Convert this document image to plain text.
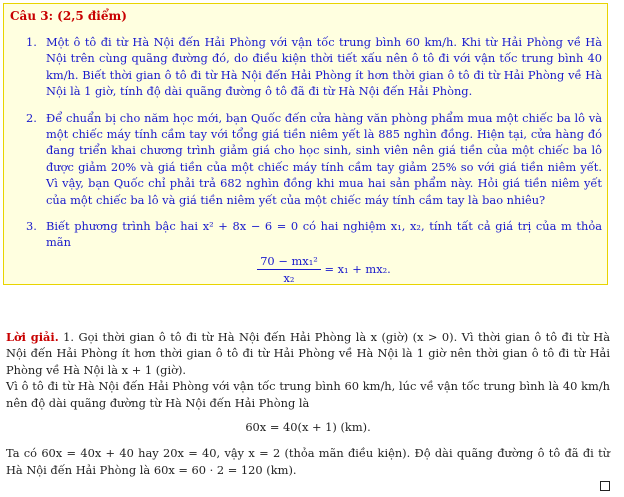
Câu 3: (2,5 điểm)
1. Một ô tô đi từ Hà Nội đến Hải Phòng với vận tốc trung bình 60 km/h. Khi từ Hải Phòng về Hà Nội trên cùng quãng đường đó, do điều kiện thời tiết xấu nên ô tô đi với vận tốc trung bình 40 km/h. Biết thời gian ô tô đi từ Hà Nội đến Hải Phòng ít hơn thời gian ô tô đi từ Hải Phòng về Hà Nội là 1 giờ, tính độ dài quãng đường ô tô đã đi từ Hà Nội đến Hải Phòng.
2. Để chuẩn bị cho năm học mới, bạn Quốc đến cửa hàng văn phòng phẩm mua một chiếc ba lô và một chiếc máy tính cầm tay với tổng giá tiền niêm yết là 885 nghìn đồng. Hiện tại, cửa hàng đó đang triển khai chương trình giảm giá cho học sinh, sinh viên nên giá tiền của một chiếc ba lô được giảm 20% và giá tiền của một chiếc máy tính cầm tay giảm 25% so với giá tiền niêm yết. Vì vậy, bạn Quốc chỉ phải trả 682 nghìn đồng khi mua hai sản phẩm này. Hỏi giá tiền niêm yết của một chiếc ba lô và giá tiền niêm yết của một chiếc máy tính cầm tay là bao nhiêu?
3. Biết phương trình bậc hai x² + 8x − 6 = 0 có hai nghiệm x₁, x₂, tính tất cả giá trị của m thỏa mãn
$\frac{\text{70 − mx₁²}}{\text{x₂}} = x_1 + mx_2$.
Lời giải. 1. Gọi thời gian ô tô đi từ Hà Nội đến Hải Phòng là x (giờ) (x > 0). Vì thời gian ô tô đi từ Hà Nội đến Hải Phòng ít hơn thời gian ô tô đi từ Hải Phòng về Hà Nội là 1 giờ nên thời gian ô tô đi từ Hải Phòng về Hà Nội là x + 1 (giờ).
Vì ô tô đi từ Hà Nội đến Hải Phòng với vận tốc trung bình 60 km/h, lúc về vận tốc trung bình là 40 km/h nên độ dài quãng đường từ Hà Nội đến Hải Phòng là
60x = 40(x + 1) (km).
Ta có 60x = 40x + 40 hay 20x = 40, vậy x = 2 (thỏa mãn điều kiện). Độ dài quãng đường ô tô đã đi từ Hà Nội đến Hải Phòng là 60x = 60 · 2 = 120 (km).
